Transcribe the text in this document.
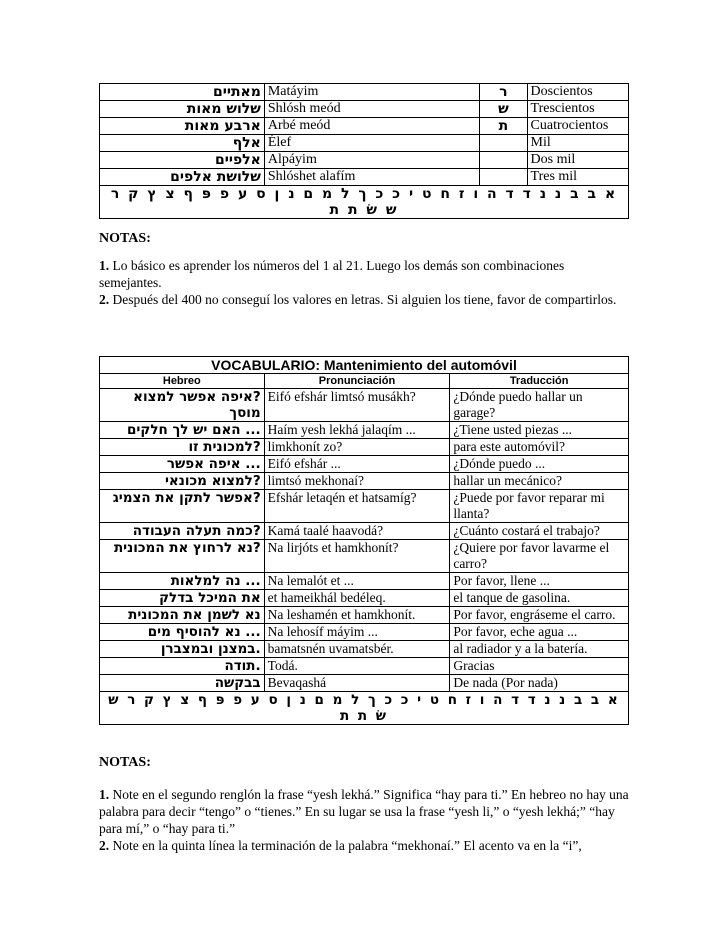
מאתיים	Matáyim	ר	Doscientos
שלוש מאות	Shlósh meód	ש	Trescientos
ארבע מאות	Arbé meód	ת	Cuatrocientos
אלף	Élef		Mil
אלפיים	Alpáyim		Dos mil
שלושת אלפים	Shlóshet alafím		Tres mil
א ב ב נ נ ד ד ה ו ז ח ט י כ כ ך ל מ ם נ ן ס ע פ פּ ף צ ץ ק ר ש שׂ ת ת			
NOTAS:
1. Lo básico es aprender los números del 1 al 21. Luego los demás son combinaciones semejantes.
2. Después del 400 no conseguí los valores en letras. Si alguien los tiene, favor de compartirlos.
VOCABULARIO: Mantenimiento del automóvil		
Hebreo	Pronunciación	Traducción
?איפה אפשר למצוא מוסך	Eifó efshár limtsó musákh?	¿Dónde puedo hallar un garage?
... האם יש לך חלקים	Haím yesh lekhá jalaqím ...	¿Tiene usted piezas ...
?למכונית זו	limkhonít zo?	para este automóvil?
... איפה אפשר	Eifó efshár ...	¿Dónde puedo ...
?למצוא מכונאי	limtsó mekhonaí?	hallar un mecánico?
?אפשר לתקן את הצמיג	Efshár letaqén et hatsamíg?	¿Puede por favor reparar mi llanta?
?כמה תעלה העבודה	Kamá taalé haavodá?	¿Cuánto costará el trabajo?
?נא לרחוץ את המכונית	Na lirjóts et hamkhonít?	¿Quiere por favor lavarme el carro?
... נה למלאות	Na lemalót et ...	Por favor, llene ...
את המיכל בדלק	et hameikhál bedéleq.	el tanque de gasolina.
נא לשמן את המכונית	Na leshamén et hamkhonít.	Por favor, engráseme el carro.
... נא להוסיף מים	Na lehosíf máyim ...	Por favor, eche agua ...
.במצנן ובמצברן	bamatsnén uvamatsbér.	al radiador y a la batería.
.תודה	Todá.	Gracias
בבקשה	Bevaqashá	De nada (Por nada)
א ב ב נ נ ד ד ה ו ז ח ט י כ כ ך ל מ ם נ ן ס ע פ פּ ף צ ץ ק ר ש שׂ ת ת		
NOTAS:
1. Note en el segundo renglón la frase “yesh lekhá.” Significa “hay para ti.” En hebreo no hay una palabra para decir “tengo” o “tienes.” En su lugar se usa la frase “yesh li,” o “yesh lekhá;” “hay para mí,” o “hay para ti.”
2. Note en la quinta línea la terminación de la palabra “mekhonaí.” El acento va en la “i”,
